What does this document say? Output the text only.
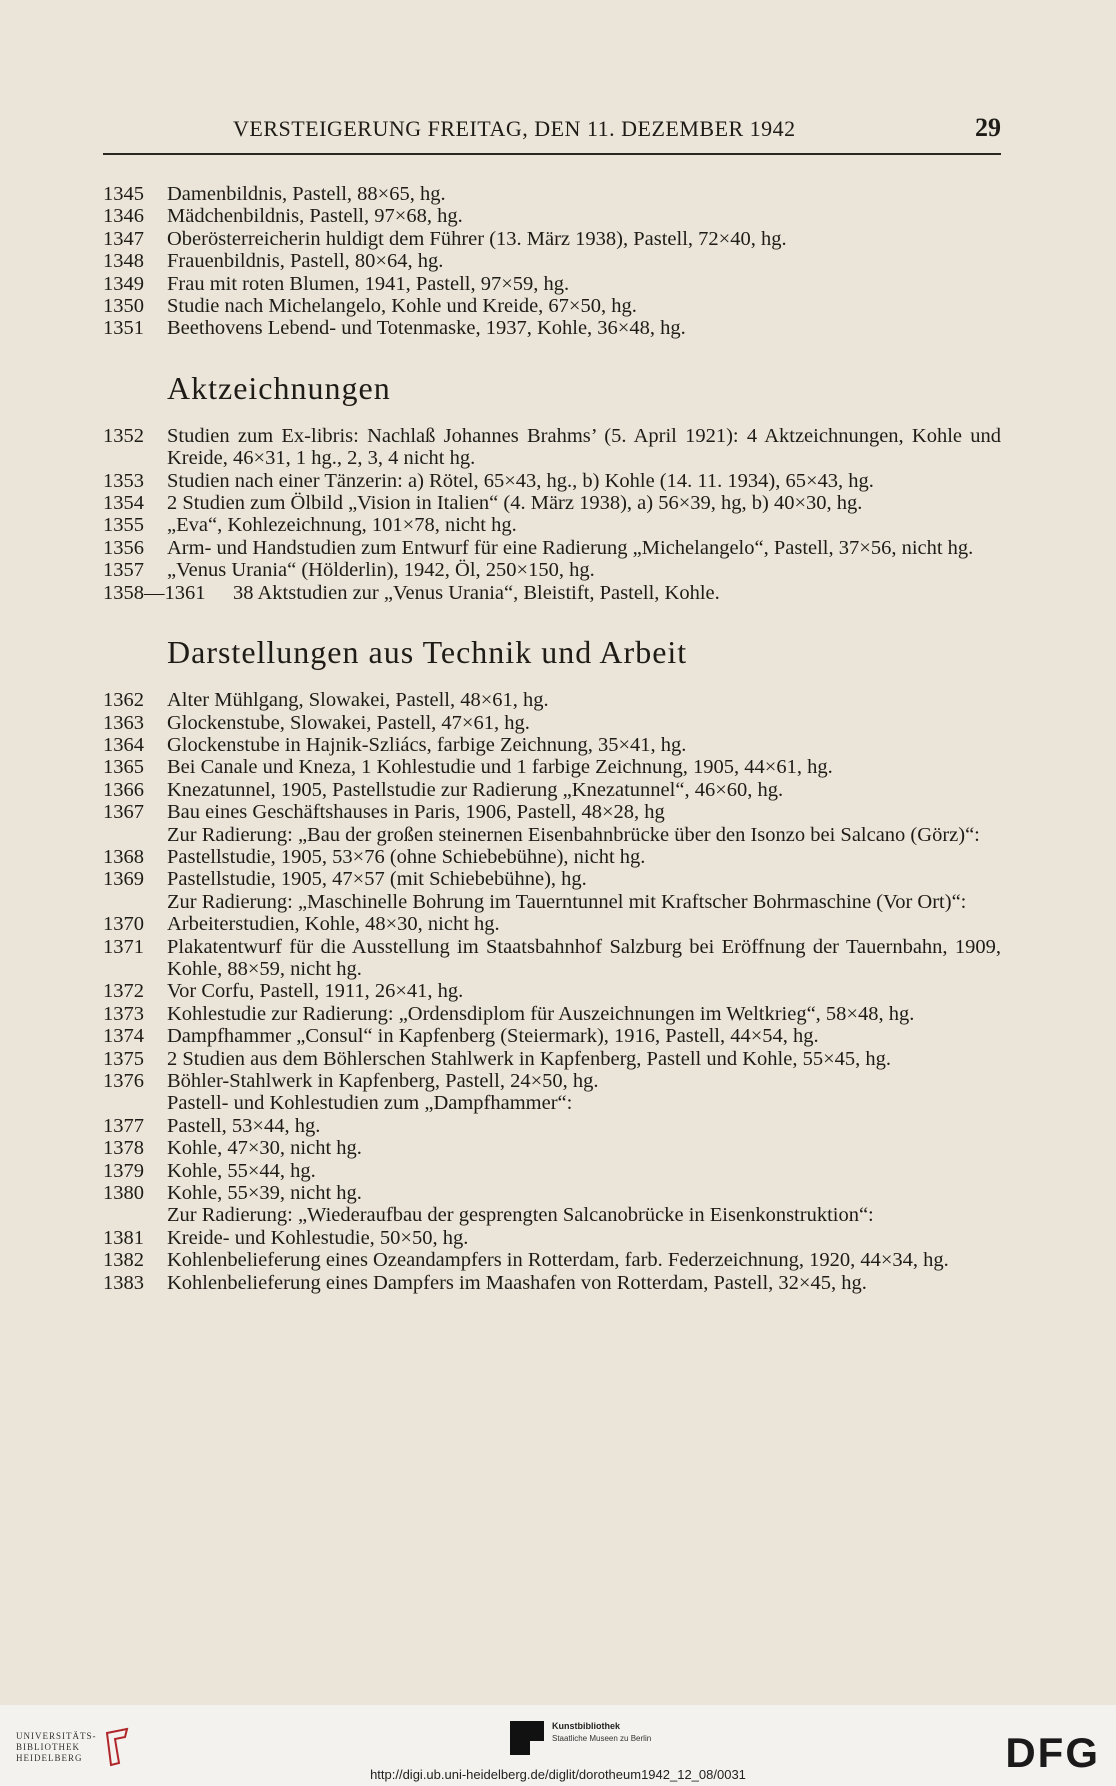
VERSTEIGERUNG FREITAG, DEN 11. DEZEMBER 1942	29
1345	Damenbildnis, Pastell, 88×65, hg.
1346	Mädchenbildnis, Pastell, 97×68, hg.
1347	Oberösterreicherin huldigt dem Führer (13. März 1938), Pastell, 72×40, hg.
1348	Frauenbildnis, Pastell, 80×64, hg.
1349	Frau mit roten Blumen, 1941, Pastell, 97×59, hg.
1350	Studie nach Michelangelo, Kohle und Kreide, 67×50, hg.
1351	Beethovens Lebend- und Totenmaske, 1937, Kohle, 36×48, hg.
Aktzeichnungen
1352	Studien zum Ex-libris: Nachlaß Johannes Brahms’ (5. April 1921): 4 Aktzeichnungen, Kohle und Kreide, 46×31, 1 hg., 2, 3, 4 nicht hg.
1353	Studien nach einer Tänzerin: a) Rötel, 65×43, hg., b) Kohle (14. 11. 1934), 65×43, hg.
1354	2 Studien zum Ölbild „Vision in Italien“ (4. März 1938), a) 56×39, hg, b) 40×30, hg.
1355	„Eva“, Kohlezeichnung, 101×78, nicht hg.
1356	Arm- und Handstudien zum Entwurf für eine Radierung „Michelangelo“, Pastell, 37×56, nicht hg.
1357	„Venus Urania“ (Hölderlin), 1942, Öl, 250×150, hg.
1358—1361	38 Aktstudien zur „Venus Urania“, Bleistift, Pastell, Kohle.
Darstellungen aus Technik und Arbeit
1362	Alter Mühlgang, Slowakei, Pastell, 48×61, hg.
1363	Glockenstube, Slowakei, Pastell, 47×61, hg.
1364	Glockenstube in Hajnik-Szliács, farbige Zeichnung, 35×41, hg.
1365	Bei Canale und Kneza, 1 Kohlestudie und 1 farbige Zeichnung, 1905, 44×61, hg.
1366	Knezatunnel, 1905, Pastellstudie zur Radierung „Knezatunnel“, 46×60, hg.
1367	Bau eines Geschäftshauses in Paris, 1906, Pastell, 48×28, hg
Zur Radierung: „Bau der großen steinernen Eisenbahnbrücke über den Isonzo bei Salcano (Görz)“:
1368	Pastellstudie, 1905, 53×76 (ohne Schiebebühne), nicht hg.
1369	Pastellstudie, 1905, 47×57 (mit Schiebebühne), hg.
Zur Radierung: „Maschinelle Bohrung im Tauerntunnel mit Kraftscher Bohrmaschine (Vor Ort)“:
1370	Arbeiterstudien, Kohle, 48×30, nicht hg.
1371	Plakatentwurf für die Ausstellung im Staatsbahnhof Salzburg bei Eröffnung der Tauernbahn, 1909, Kohle, 88×59, nicht hg.
1372	Vor Corfu, Pastell, 1911, 26×41, hg.
1373	Kohlestudie zur Radierung: „Ordensdiplom für Auszeichnungen im Weltkrieg“, 58×48, hg.
1374	Dampfhammer „Consul“ in Kapfenberg (Steiermark), 1916, Pastell, 44×54, hg.
1375	2 Studien aus dem Böhlerschen Stahlwerk in Kapfenberg, Pastell und Kohle, 55×45, hg.
1376	Böhler-Stahlwerk in Kapfenberg, Pastell, 24×50, hg.
Pastell- und Kohlestudien zum „Dampfhammer“:
1377	Pastell, 53×44, hg.
1378	Kohle, 47×30, nicht hg.
1379	Kohle, 55×44, hg.
1380	Kohle, 55×39, nicht hg.
Zur Radierung: „Wiederaufbau der gesprengten Salcanobrücke in Eisenkonstruktion“:
1381	Kreide- und Kohlestudie, 50×50, hg.
1382	Kohlenbelieferung eines Ozeandampfers in Rotterdam, farb. Federzeichnung, 1920, 44×34, hg.
1383	Kohlenbelieferung eines Dampfers im Maashafen von Rotterdam, Pastell, 32×45, hg.
UNIVERSITÄTS-
BIBLIOTHEK
HEIDELBERG
Kunstbibliothek
Staatliche Museen zu Berlin	DFG
http://digi.ub.uni-heidelberg.de/diglit/dorotheum1942_12_08/0031
